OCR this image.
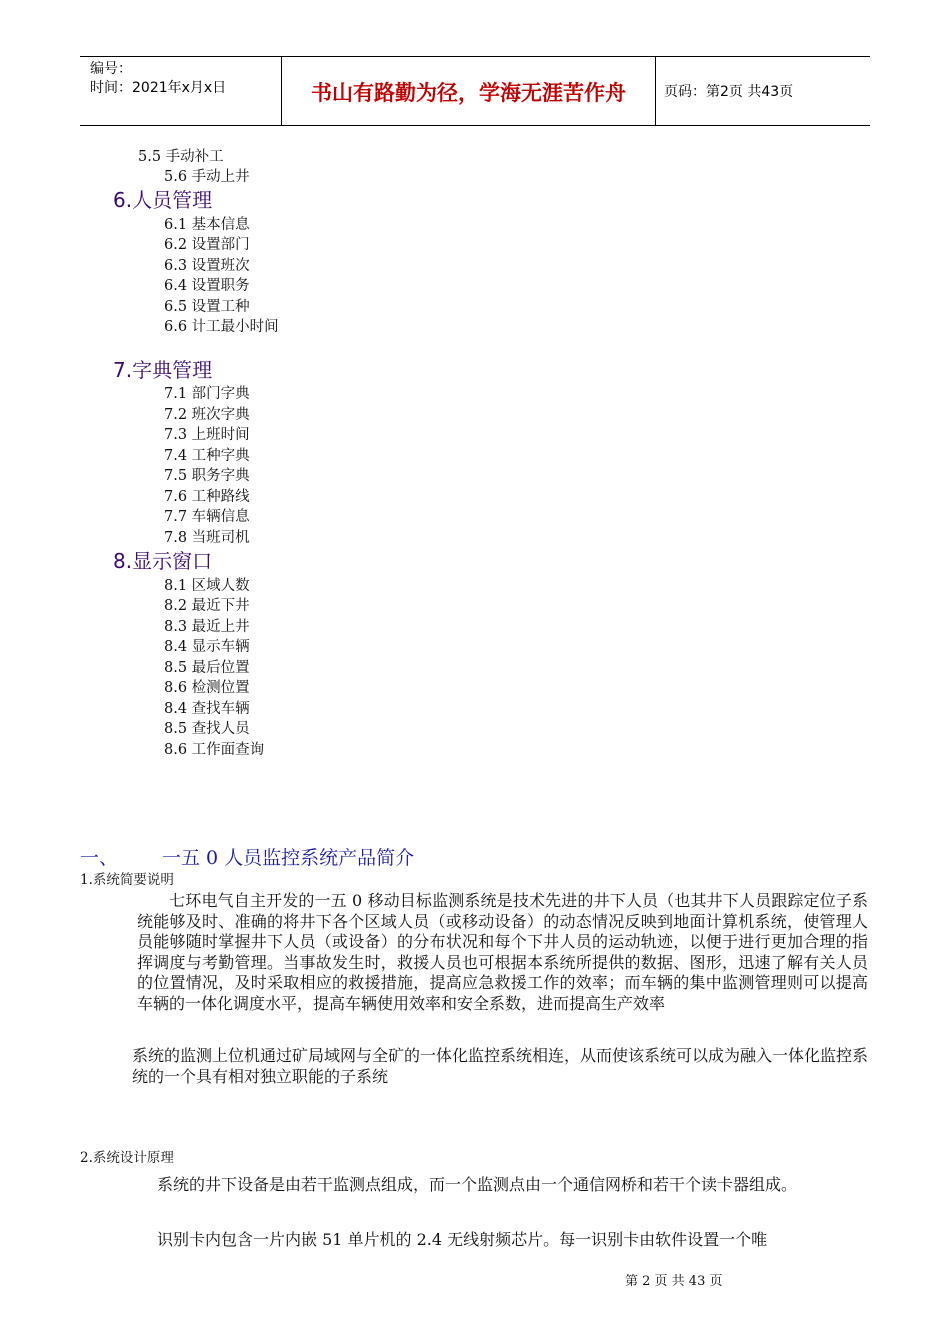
编号：
时间：2021年x月x日	书山有路勤为径，学海无涯苦作舟	页码：第2页 共43页
5.5 手动补工
5.6 手动上井
6.人员管理
6.1 基本信息
6.2 设置部门
6.3 设置班次
6.4 设置职务
6.5 设置工种
6.6 计工最小时间
7.字典管理
7.1 部门字典
7.2 班次字典
7.3 上班时间
7.4 工种字典
7.5 职务字典
7.6 工种路线
7.7 车辆信息
7.8 当班司机
8.显示窗口
8.1 区域人数
8.2 最近下井
8.3 最近上井
8.4 显示车辆
8.5 最后位置
8.6 检测位置
8.4 查找车辆
8.5 查找人员
8.6 工作面查询
一、 一五 0 人员监控系统产品简介
1.系统简要说明
七环电气自主开发的一五 0 移动目标监测系统是技术先进的井下人员（也其井下人员跟踪定位子系统能够及时、准确的将井下各个区域人员（或移动设备）的动态情况反映到地面计算机系统，使管理人员能够随时掌握井下人员（或设备）的分布状况和每个下井人员的运动轨迹，以便于进行更加合理的指挥调度与考勤管理。当事故发生时，救援人员也可根据本系统所提供的数据、图形，迅速了解有关人员的位置情况，及时采取相应的救援措施，提高应急救援工作的效率；而车辆的集中监测管理则可以提高车辆的一体化调度水平，提高车辆使用效率和安全系数，进而提高生产效率
系统的监测上位机通过矿局域网与全矿的一体化监控系统相连，从而使该系统可以成为融入一体化监控系统的一个具有相对独立职能的子系统
2.系统设计原理
系统的井下设备是由若干监测点组成，而一个监测点由一个通信网桥和若干个读卡器组成。
识别卡内包含一片内嵌 51 单片机的 2.4 无线射频芯片。每一识别卡由软件设置一个唯
第 2 页 共 43 页
